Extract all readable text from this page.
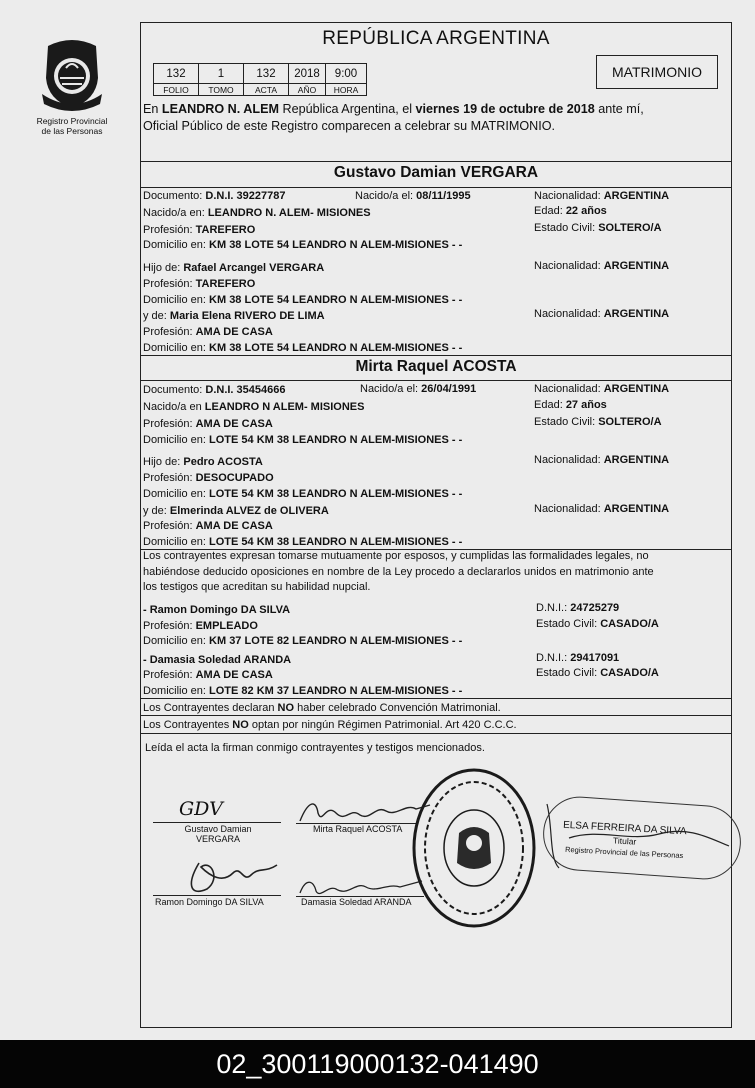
Registro Provincial
de las Personas
REPÚBLICA ARGENTINA
132	1	132	2018	9:00
FOLIO	TOMO	ACTA	AÑO	HORA
MATRIMONIO
En LEANDRO N. ALEM República Argentina, el viernes 19 de octubre de 2018 ante mí,
Oficial Público de este Registro comparecen a celebrar su MATRIMONIO.
Gustavo Damian VERGARA
Documento: D.N.I. 39227787	Nacido/a el: 08/11/1995	Nacionalidad: ARGENTINA
Nacido/a en: LEANDRO N. ALEM- MISIONES	Edad: 22 años
Profesión: TAREFERO	Estado Civil: SOLTERO/A
Domicilio en: KM 38 LOTE 54 LEANDRO N ALEM-MISIONES - -
Hijo de: Rafael Arcangel VERGARA	Nacionalidad: ARGENTINA
Profesión: TAREFERO
Domicilio en: KM 38 LOTE 54 LEANDRO N ALEM-MISIONES - -
y de: Maria Elena RIVERO DE LIMA	Nacionalidad: ARGENTINA
Profesión: AMA DE CASA
Domicilio en: KM 38 LOTE 54 LEANDRO N ALEM-MISIONES - -
Mirta Raquel ACOSTA
Documento: D.N.I. 35454666	Nacido/a el: 26/04/1991	Nacionalidad: ARGENTINA
Nacido/a en LEANDRO N ALEM- MISIONES	Edad: 27 años
Profesión: AMA DE CASA	Estado Civil: SOLTERO/A
Domicilio en: LOTE 54 KM 38 LEANDRO N ALEM-MISIONES - -
Hijo de: Pedro ACOSTA	Nacionalidad: ARGENTINA
Profesión: DESOCUPADO
Domicilio en: LOTE 54 KM 38 LEANDRO N ALEM-MISIONES - -
y de: Elmerinda ALVEZ de OLIVERA	Nacionalidad: ARGENTINA
Profesión: AMA DE CASA
Domicilio en: LOTE 54 KM 38 LEANDRO N ALEM-MISIONES - -
Los contrayentes expresan tomarse mutuamente por esposos, y cumplidas las formalidades legales, no
habiéndose deducido oposiciones en nombre de la Ley procedo a declararlos unidos en matrimonio ante
los testigos que acreditan su habilidad nupcial.
- Ramon Domingo DA SILVA	D.N.I.: 24725279
Profesión: EMPLEADO	Estado Civil: CASADO/A
Domicilio en: KM 37 LOTE 82 LEANDRO N ALEM-MISIONES - -
- Damasia Soledad ARANDA	D.N.I.: 29417091
Profesión: AMA DE CASA	Estado Civil: CASADO/A
Domicilio en: LOTE 82 KM 37 LEANDRO N ALEM-MISIONES - -
Los Contrayentes declaran NO haber celebrado Convención Matrimonial.
Los Contrayentes NO optan por ningún Régimen Patrimonial. Art 420 C.C.C.
Leída el acta la firman conmigo contrayentes y testigos mencionados.
GDV
Gustavo Damian
VERGARA
Mirta Raquel ACOSTA
Ramon Domingo DA SILVA	Damasia Soledad ARANDA
ELSA FERREIRA DA SILVA
Titular
Registro Provincial de las Personas
02_300119000132-041490
